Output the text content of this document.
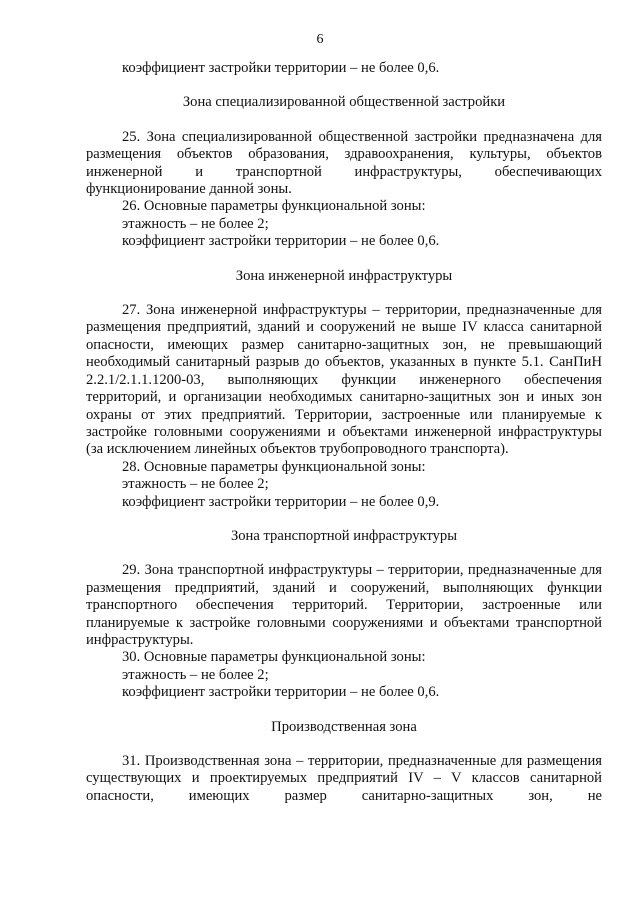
6

коэффициент застройки территории – не более 0,6.

Зона специализированной общественной застройки

25. Зона специализированной общественной застройки предназначена для размещения объектов образования, здравоохранения, культуры, объектов инженерной и транспортной инфраструктуры, обеспечивающих функционирование данной зоны.

26. Основные параметры функциональной зоны:

этажность – не более 2;

коэффициент застройки территории – не более 0,6.

Зона инженерной инфраструктуры

27. Зона инженерной инфраструктуры – территории, предназначенные для размещения предприятий, зданий и сооружений не выше IV класса санитарной опасности, имеющих размер санитарно-защитных зон, не превышающий необходимый санитарный разрыв до объектов, указанных в пункте 5.1. СанПиН 2.2.1/2.1.1.1200-03, выполняющих функции инженерного обеспечения территорий, и организации необходимых санитарно-защитных зон и иных зон охраны от этих предприятий. Территории, застроенные или планируемые к застройке головными сооружениями и объектами инженерной инфраструктуры (за исключением линейных объектов трубопроводного транспорта).

28. Основные параметры функциональной зоны:

этажность – не более 2;

коэффициент застройки территории – не более 0,9.

Зона транспортной инфраструктуры

29. Зона транспортной инфраструктуры – территории, предназначенные для размещения предприятий, зданий и сооружений, выполняющих функции транспортного обеспечения территорий. Территории, застроенные или планируемые к застройке головными сооружениями и объектами транспортной инфраструктуры.

30. Основные параметры функциональной зоны:

этажность – не более 2;

коэффициент застройки территории – не более 0,6.

Производственная зона

31. Производственная зона – территории, предназначенные для размещения существующих и проектируемых предприятий IV – V классов санитарной опасности, имеющих размер санитарно-защитных зон, не
